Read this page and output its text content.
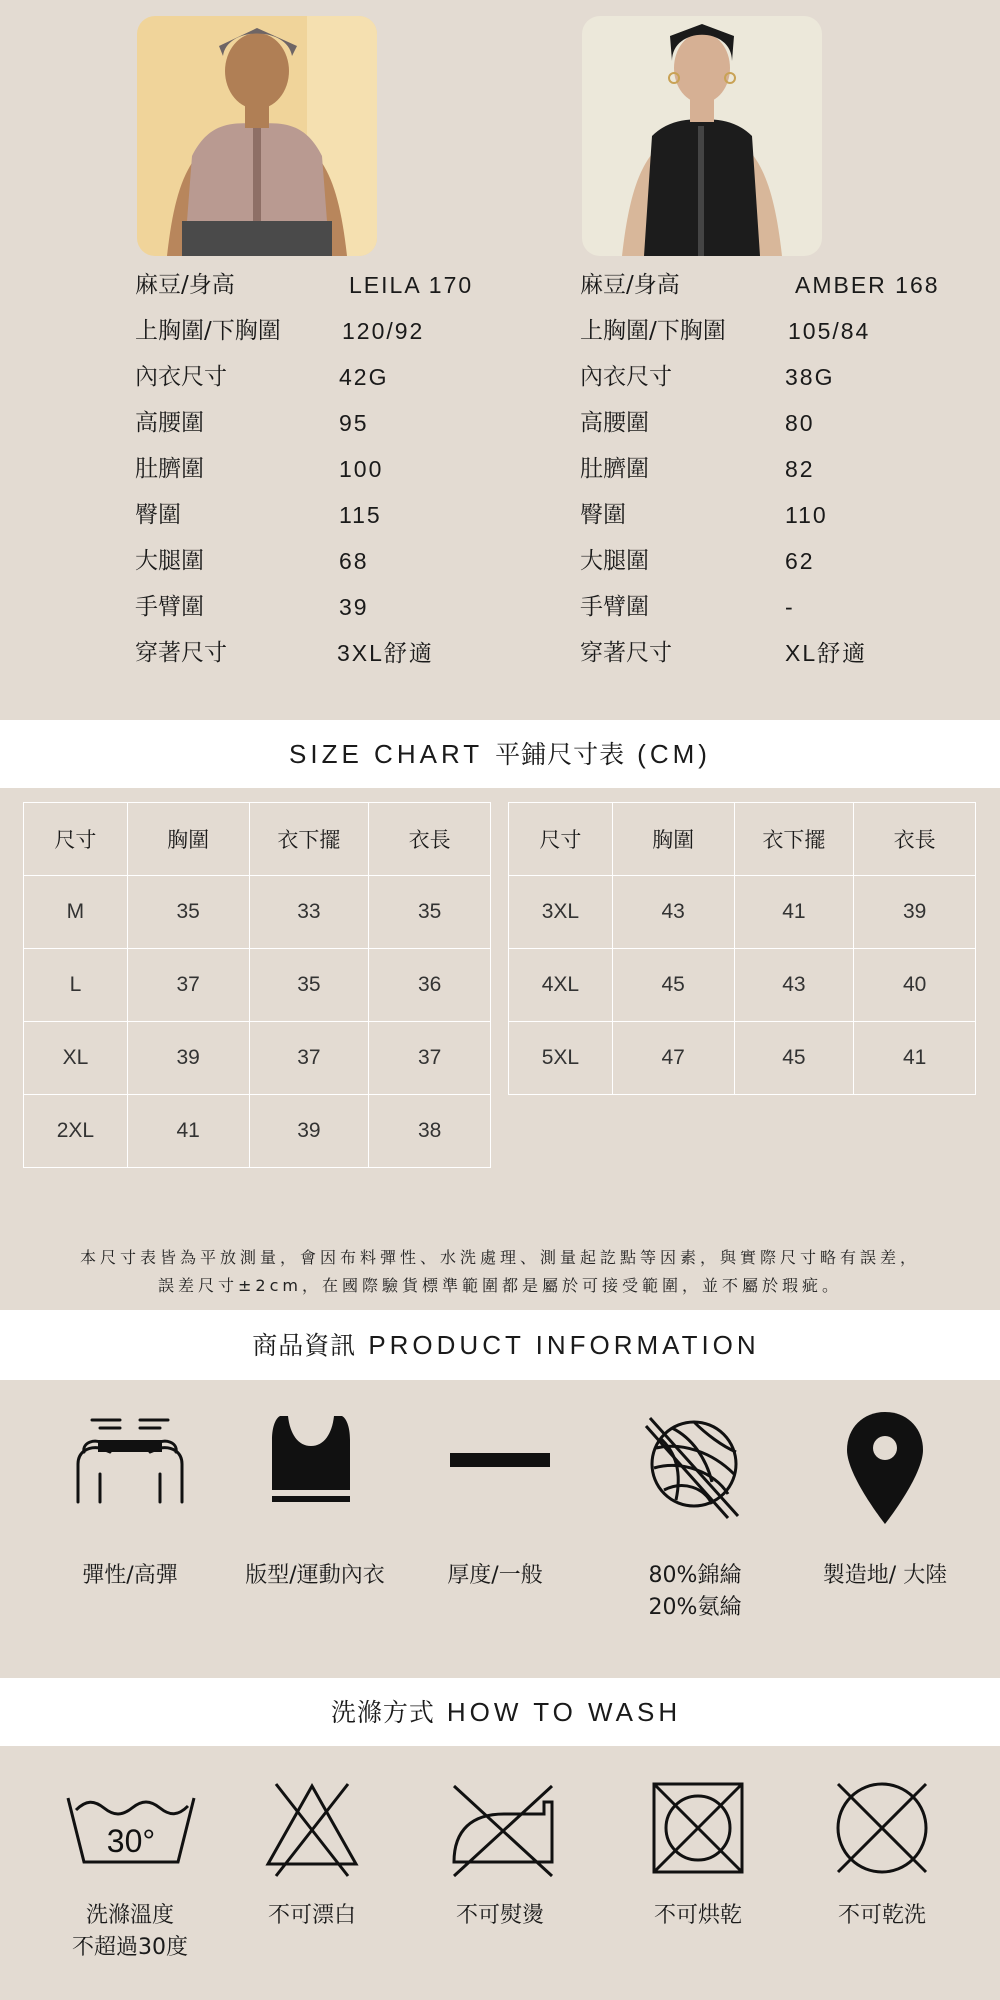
麻豆/身高	LEILA 170
上胸圍/下胸圍	120/92
內衣尺寸	42G
高腰圍	95
肚臍圍	100
臀圍	115
大腿圍	68
手臂圍	39
穿著尺寸	3XL舒適
麻豆/身高	AMBER 168
上胸圍/下胸圍	105/84
內衣尺寸	38G
高腰圍	80
肚臍圍	82
臀圍	110
大腿圍	62
手臂圍	-
穿著尺寸	XL舒適
SIZE CHART 平鋪尺寸表 (CM)
尺寸	胸圍	衣下擺	衣長
M	35	33	35
L	37	35	36
XL	39	37	37
2XL	41	39	38
尺寸	胸圍	衣下擺	衣長
3XL	43	41	39
4XL	45	43	40
5XL	47	45	41
本尺寸表皆為平放測量，會因布料彈性、水洗處理、測量起訖點等因素，與實際尺寸略有誤差，
誤差尺寸±2cm，在國際驗貨標準範圍都是屬於可接受範圍，並不屬於瑕疵。
商品資訊 PRODUCT INFORMATION
彈性/高彈	版型/運動內衣	厚度/一般	80%錦綸
20%氨綸
製造地/ 大陸
洗滌方式 HOW TO WASH
30°
洗滌溫度
不超過30度
不可漂白	不可熨燙	不可烘乾	不可乾洗
